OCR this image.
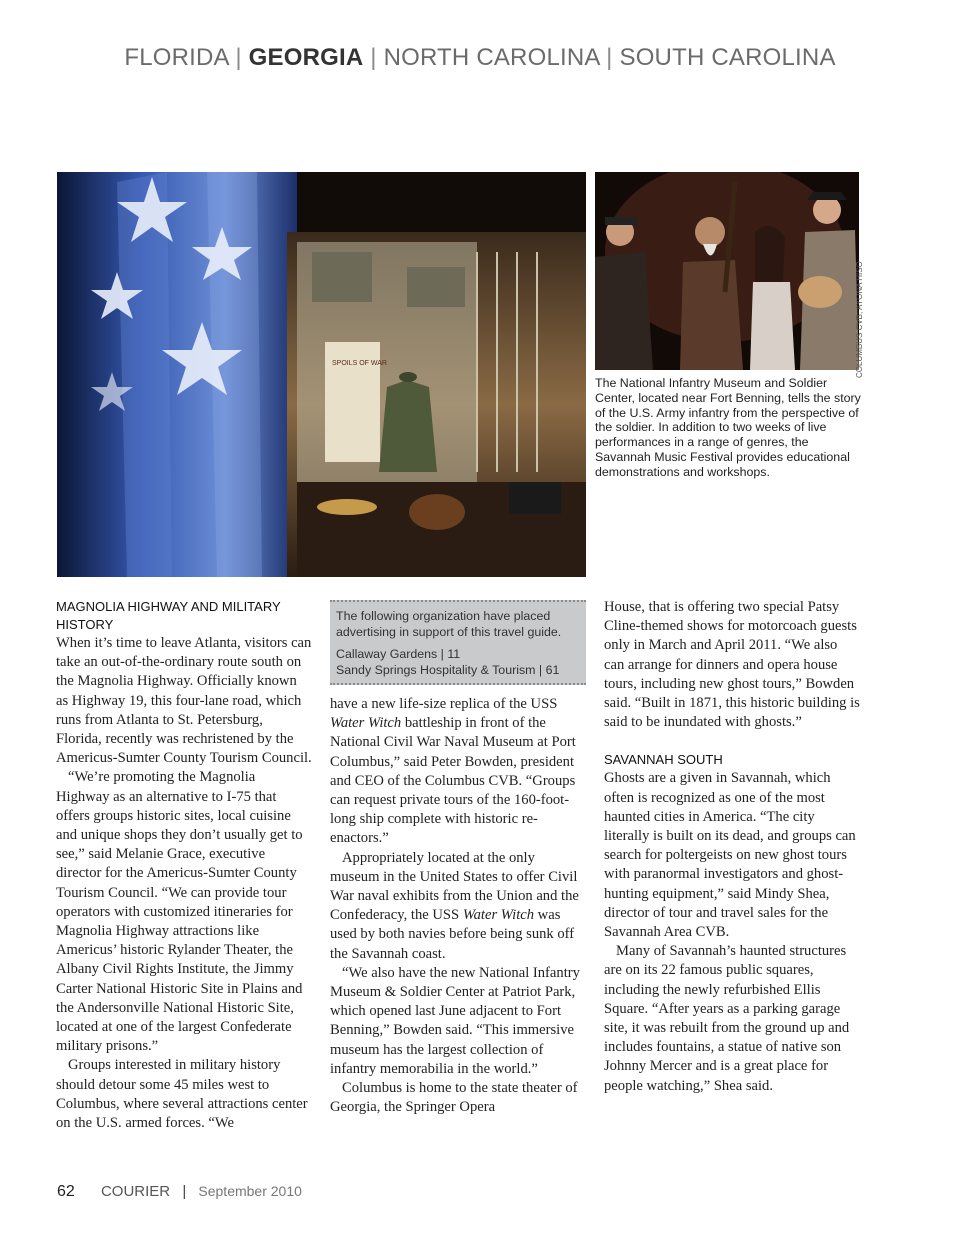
FLORIDA | GEORGIA | NORTH CAROLINA | SOUTH CAROLINA
SPOILS OF WAR	COLUMBUS CVB, AYONA HISO
The National Infantry Museum and Soldier Center, located near Fort Benning, tells the story of the U.S. Army infantry from the perspective of the soldier. In addition to two weeks of live performances in a range of genres, the Savannah Music Festival provides educational demonstrations and workshops.
MAGNOLIA HIGHWAY AND MILITARY HISTORY

When it’s time to leave Atlanta, visitors can take an out-of-the-ordinary route south on the Magnolia Highway. Officially known as Highway 19, this four-lane road, which runs from Atlanta to St. Petersburg, Florida, recently was rechristened by the Americus-Sumter County Tourism Council.

“We’re promoting the Magnolia Highway as an alternative to I-75 that offers groups historic sites, local cuisine and unique shops they don’t usually get to see,” said Melanie Grace, executive director for the Americus-Sumter County Tourism Council. “We can provide tour operators with customized itineraries for Magnolia Highway attractions like Americus’ historic Rylander Theater, the Albany Civil Rights Institute, the Jimmy Carter National Historic Site in Plains and the Andersonville National Historic Site, located at one of the largest Confederate military prisons.”

Groups interested in military history should detour some 45 miles west to Columbus, where several attractions center on the U.S. armed forces. “We

The following organization have placed advertising in support of this travel guide.
Callaway Gardens | 11
Sandy Springs Hospitality & Tourism | 61

have a new life-size replica of the USS Water Witch battleship in front of the National Civil War Naval Museum at Port Columbus,” said Peter Bowden, president and CEO of the Columbus CVB. “Groups can request private tours of the 160-foot-long ship complete with historic re-enactors.”

Appropriately located at the only museum in the United States to offer Civil War naval exhibits from the Union and the Confederacy, the USS Water Witch was used by both navies before being sunk off the Savannah coast.

“We also have the new National Infantry Museum & Soldier Center at Patriot Park, which opened last June adjacent to Fort Benning,” Bowden said. “This immersive museum has the largest collection of infantry memorabilia in the world.”

Columbus is home to the state theater of Georgia, the Springer Opera

House, that is offering two special Patsy Cline-themed shows for motorcoach guests only in March and April 2011. “We also can arrange for dinners and opera house tours, including new ghost tours,” Bowden said. “Built in 1871, this historic building is said to be inundated with ghosts.”

SAVANNAH SOUTH

Ghosts are a given in Savannah, which often is recognized as one of the most haunted cities in America. “The city literally is built on its dead, and groups can search for poltergeists on new ghost tours with paranormal investigators and ghost-hunting equipment,” said Mindy Shea, director of tour and travel sales for the Savannah Area CVB.

Many of Savannah’s haunted structures are on its 22 famous public squares, including the newly refurbished Ellis Square. “After years as a parking garage site, it was rebuilt from the ground up and includes fountains, a statue of native son Johnny Mercer and is a great place for people watching,” Shea said.

62 COURIER | September 2010
